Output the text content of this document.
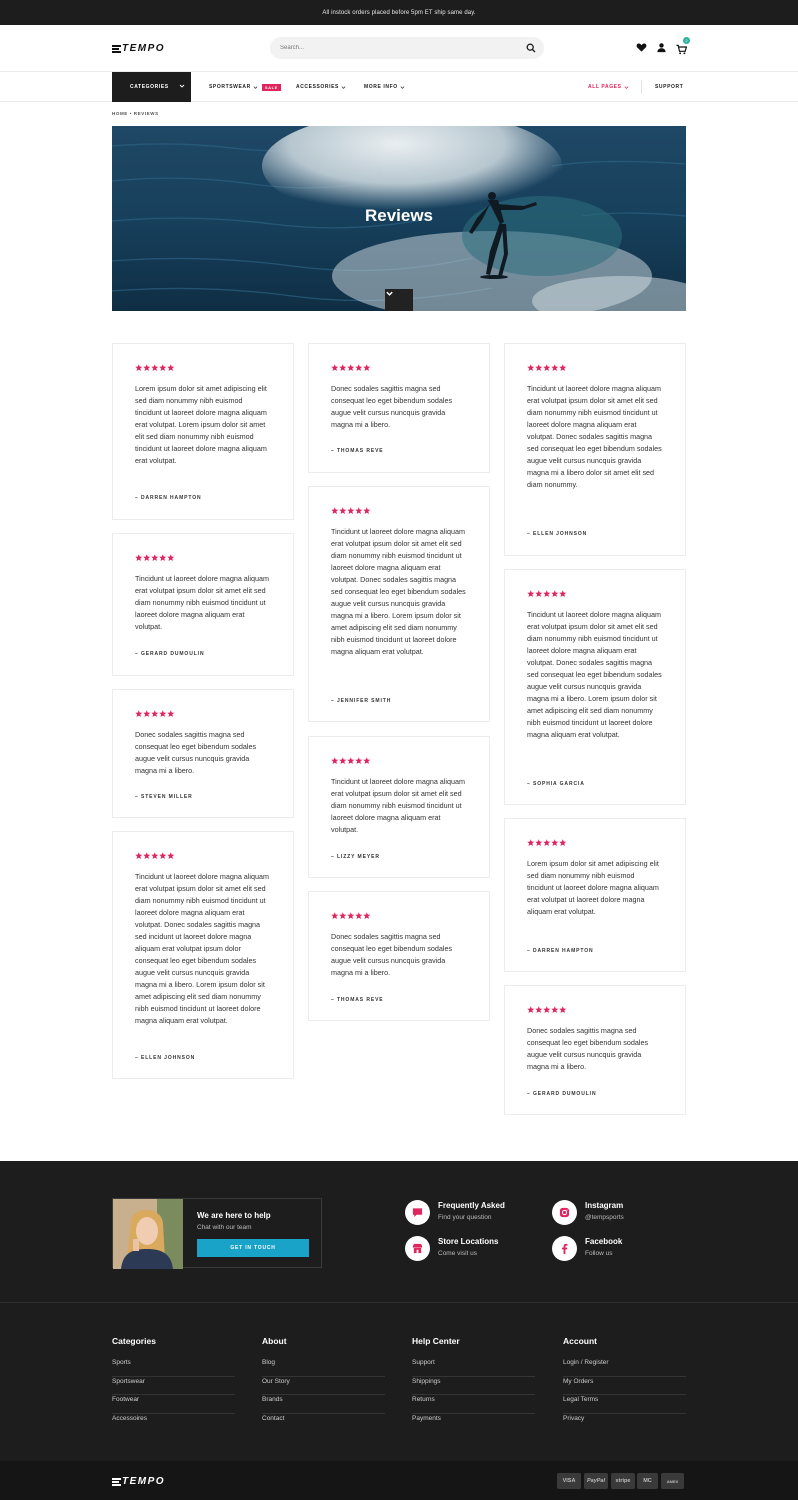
All instock orders placed before 5pm ET ship same day.
TEMPO
Search...
2
CATEGORIES	SPORTSWEAR	SALE	ACCESSORIES	MORE INFO	ALL PAGES	SUPPORT
HOME • REVIEWS
Reviews

Lorem ipsum dolor sit amet adipiscing elit sed diam nonummy nibh euismod tincidunt ut laoreet dolore magna aliquam erat volutpat. Lorem ipsum dolor sit amet elit sed diam nonummy nibh euismod tincidunt ut laoreet dolore magna aliquam erat volutpat.

– DARREN HAMPTON

Tincidunt ut laoreet dolore magna aliquam erat volutpat ipsum dolor sit amet elit sed diam nonummy nibh euismod tincidunt ut laoreet dolore magna aliquam erat volutpat.

– GERARD DUMOULIN

Donec sodales sagittis magna sed consequat leo eget bibendum sodales augue velit cursus nuncquis gravida magna mi a libero.

– STEVEN MILLER

Tincidunt ut laoreet dolore magna aliquam erat volutpat ipsum dolor sit amet elit sed diam nonummy nibh euismod tincidunt ut laoreet dolore magna aliquam erat volutpat. Donec sodales sagittis magna sed incidunt ut laoreet dolore magna aliquam erat volutpat ipsum dolor consequat leo eget bibendum sodales augue velit cursus nuncquis gravida magna mi a libero. Lorem ipsum dolor sit amet adipiscing elit sed diam nonummy nibh euismod tincidunt ut laoreet dolore magna aliquam erat volutpat.

– ELLEN JOHNSON

Donec sodales sagittis magna sed consequat leo eget bibendum sodales augue velit cursus nuncquis gravida magna mi a libero.

– THOMAS REVE

Tincidunt ut laoreet dolore magna aliquam erat volutpat ipsum dolor sit amet elit sed diam nonummy nibh euismod tincidunt ut laoreet dolore magna aliquam erat volutpat. Donec sodales sagittis magna sed consequat leo eget bibendum sodales augue velit cursus nuncquis gravida magna mi a libero. Lorem ipsum dolor sit amet adipiscing elit sed diam nonummy nibh euismod tincidunt ut laoreet dolore magna aliquam erat volutpat.

– JENNIFER SMITH

Tincidunt ut laoreet dolore magna aliquam erat volutpat ipsum dolor sit amet elit sed diam nonummy nibh euismod tincidunt ut laoreet dolore magna aliquam erat volutpat.

– LIZZY MEYER

Donec sodales sagittis magna sed consequat leo eget bibendum sodales augue velit cursus nuncquis gravida magna mi a libero.

– THOMAS REVE

Tincidunt ut laoreet dolore magna aliquam erat volutpat ipsum dolor sit amet elit sed diam nonummy nibh euismod tincidunt ut laoreet dolore magna aliquam erat volutpat. Donec sodales sagittis magna sed consequat leo eget bibendum sodales augue velit cursus nuncquis gravida magna mi a libero dolor sit amet elit sed diam nonummy.

– ELLEN JOHNSON

Tincidunt ut laoreet dolore magna aliquam erat volutpat ipsum dolor sit amet elit sed diam nonummy nibh euismod tincidunt ut laoreet dolore magna aliquam erat volutpat. Donec sodales sagittis magna sed consequat leo eget bibendum sodales augue velit cursus nuncquis gravida magna mi a libero. Lorem ipsum dolor sit amet adipiscing elit sed diam nonummy nibh euismod tincidunt ut laoreet dolore magna aliquam erat volutpat.

– SOPHIA GARCIA

Lorem ipsum dolor sit amet adipiscing elit sed diam nonummy nibh euismod tincidunt ut laoreet dolore magna aliquam erat volutpat ut laoreet dolore magna aliquam erat volutpat.

– DARREN HAMPTON

Donec sodales sagittis magna sed consequat leo eget bibendum sodales augue velit cursus nuncquis gravida magna mi a libero.

– GERARD DUMOULIN
We are here to help
Chat with our team
GET IN TOUCH
Frequently Asked
Find your question
Instagram
@tempsports
Store Locations
Come visit us
Facebook
Follow us
Categories
Sports
Sportswear
Footwear
Accessoires
About
Blog
Our Story
Brands
Contact
Help Center
Support
Shippings
Returns
Payments
Account
Login / Register
My Orders
Legal Terms
Privacy
TEMPO	VISA PayPal stripe MC	AMEX
